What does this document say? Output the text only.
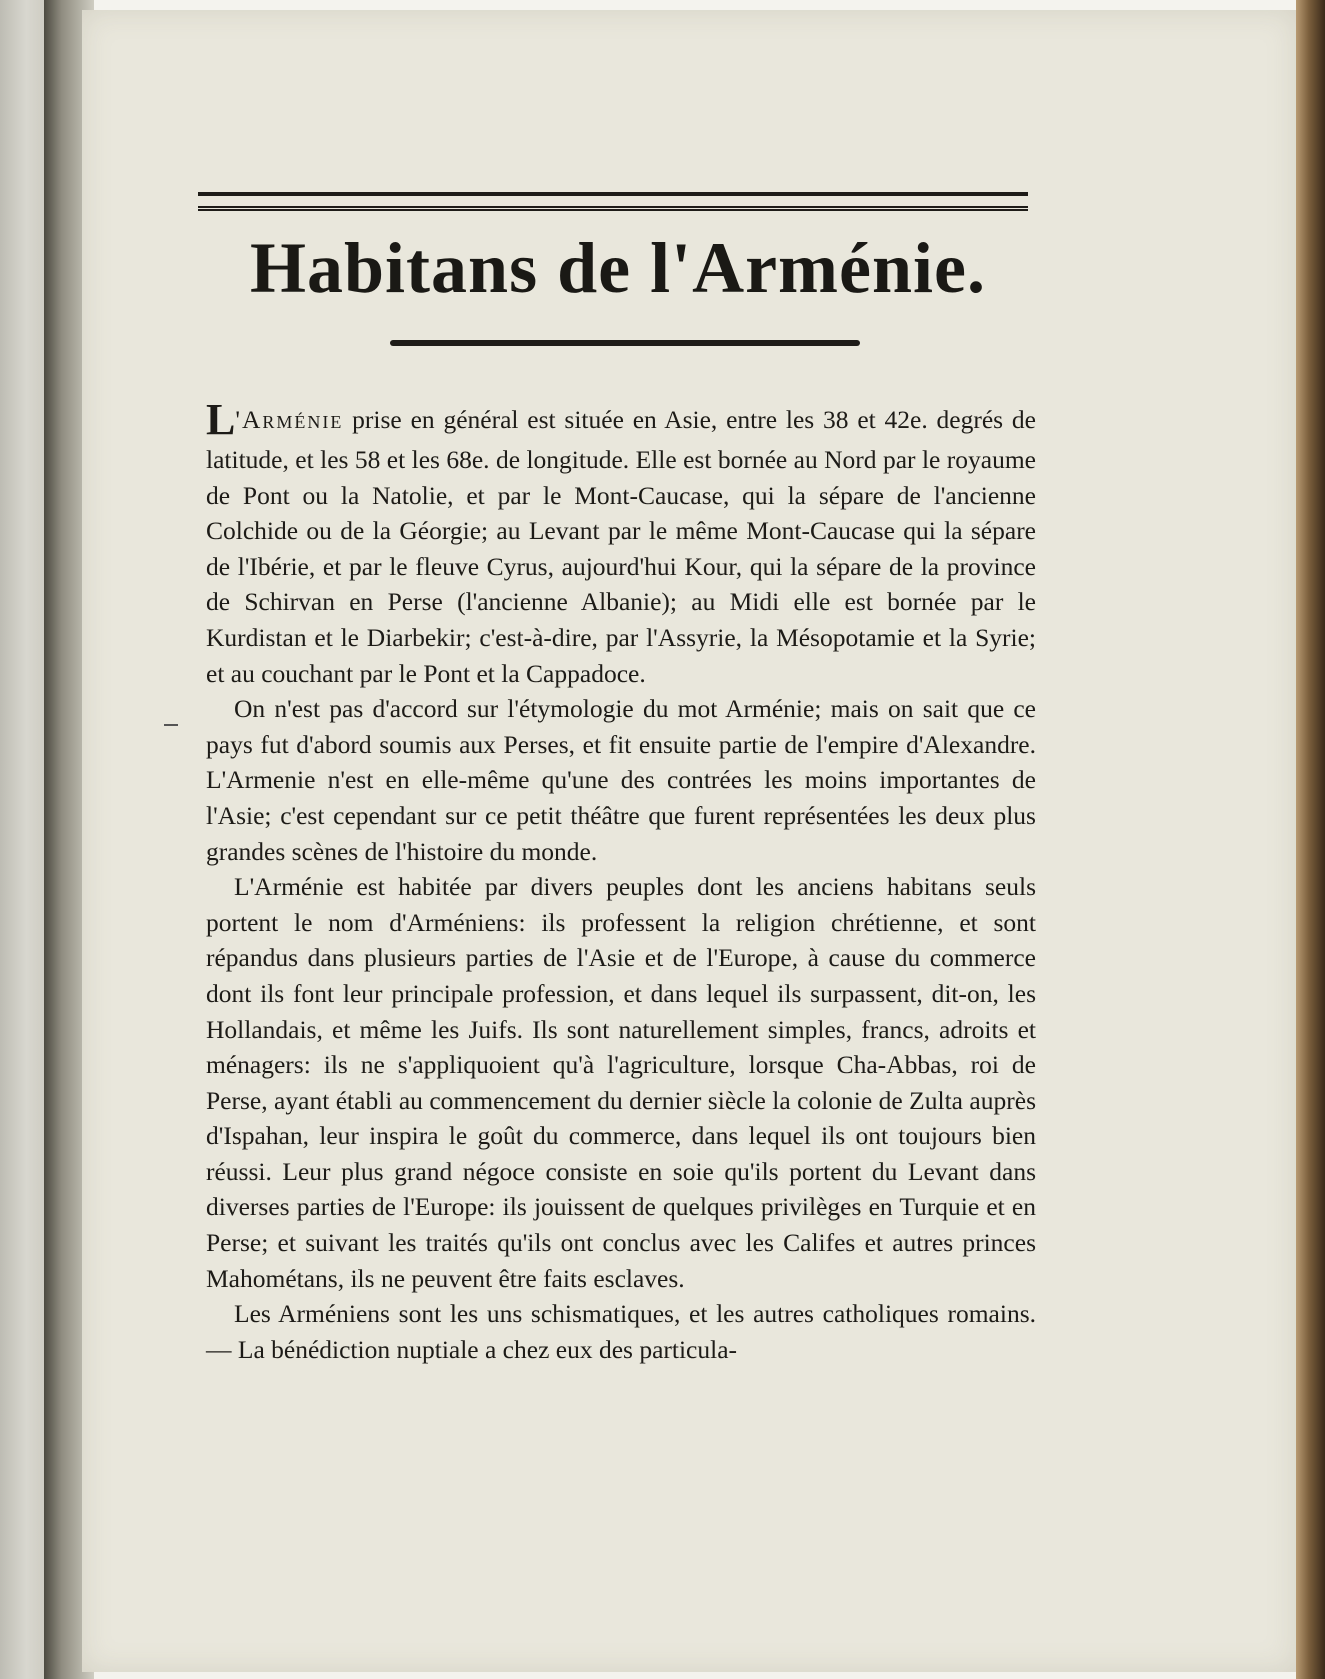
Habitans de l'Arménie.

L'Arménie prise en général est située en Asie, entre les 38 et 42e. degrés de latitude, et les 58 et les 68e. de longitude. Elle est bornée au Nord par le royaume de Pont ou la Natolie, et par le Mont-Caucase, qui la sépare de l'ancienne Colchide ou de la Géorgie; au Levant par le même Mont-Caucase qui la sépare de l'Ibérie, et par le fleuve Cyrus, aujourd'hui Kour, qui la sépare de la province de Schirvan en Perse (l'ancienne Albanie); au Midi elle est bornée par le Kurdistan et le Diarbekir; c'est-à-dire, par l'Assyrie, la Mésopotamie et la Syrie; et au couchant par le Pont et la Cappadoce.

On n'est pas d'accord sur l'étymologie du mot Arménie; mais on sait que ce pays fut d'abord soumis aux Perses, et fit ensuite partie de l'empire d'Alexandre. L'Armenie n'est en elle-même qu'une des contrées les moins importantes de l'Asie; c'est cependant sur ce petit théâtre que furent représentées les deux plus grandes scènes de l'histoire du monde.

L'Arménie est habitée par divers peuples dont les anciens habitans seuls portent le nom d'Arméniens: ils professent la religion chrétienne, et sont répandus dans plusieurs parties de l'Asie et de l'Europe, à cause du commerce dont ils font leur principale profession, et dans lequel ils surpassent, dit-on, les Hollandais, et même les Juifs. Ils sont naturellement simples, francs, adroits et ménagers: ils ne s'appliquoient qu'à l'agriculture, lorsque Cha-Abbas, roi de Perse, ayant établi au commencement du dernier siècle la colonie de Zulta auprès d'Ispahan, leur inspira le goût du commerce, dans lequel ils ont toujours bien réussi. Leur plus grand négoce consiste en soie qu'ils portent du Levant dans diverses parties de l'Europe: ils jouissent de quelques privilèges en Turquie et en Perse; et suivant les traités qu'ils ont conclus avec les Califes et autres princes Mahométans, ils ne peuvent être faits esclaves.

Les Arméniens sont les uns schismatiques, et les autres catholiques romains. — La bénédiction nuptiale a chez eux des particula-
